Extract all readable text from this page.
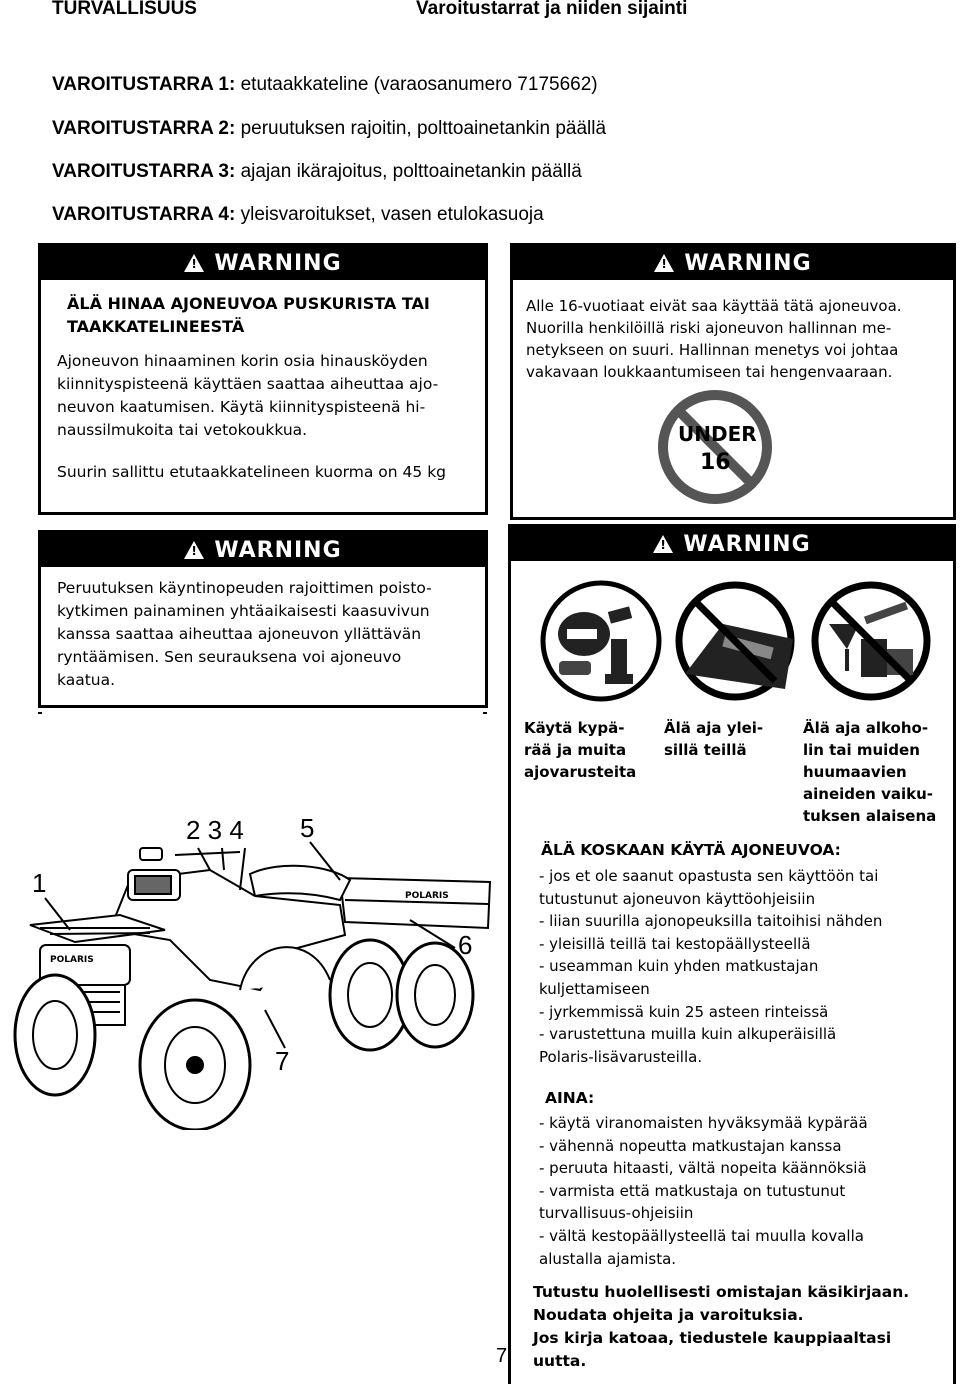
TURVALLISUUS	Varoitustarrat ja niiden sijainti
VAROITUSTARRA 1: etutaakkateline (varaosanumero 7175662)
VAROITUSTARRA 2: peruutuksen rajoitin, polttoainetankin päällä
VAROITUSTARRA 3: ajajan ikärajoitus, polttoainetankin päällä
VAROITUSTARRA 4: yleisvaroitukset, vasen etulokasuoja
!
WARNING
ÄLÄ HINAA AJONEUVOA PUSKURISTA TAI
TAAKKATELINEESTÄ
Ajoneuvon hinaaminen korin osia hinausköyden
kiinnityspisteenä käyttäen saattaa aiheuttaa ajo-
neuvon kaatumisen. Käytä kiinnityspisteenä hi-
naussilmukoita tai vetokoukkua.
Suurin sallittu etutaakkatelineen kuorma on 45 kg
!
WARNING
Alle 16-vuotiaat eivät saa käyttää tätä ajoneuvoa.
Nuorilla henkilöillä riski ajoneuvon hallinnan me-
netykseen on suuri. Hallinnan menetys voi johtaa
vakavaan loukkaantumiseen tai hengenvaaraan.
UNDER
16
!
WARNING
Peruutuksen käyntinopeuden rajoittimen poisto-
kytkimen painaminen yhtäaikaisesti kaasuvivun
kanssa saattaa aiheuttaa ajoneuvon yllättävän
ryntäämisen. Sen seurauksena voi ajoneuvo
kaatua.
!
WARNING
Käytä kypä-
rää ja muita
ajovarusteita
Älä aja ylei-
sillä teillä
Älä aja alkoho-
lin tai muiden
huumaavien
aineiden vaiku-
tuksen alaisena
ÄLÄ KOSKAAN KÄYTÄ AJONEUVOA:
- jos et ole saanut opastusta sen käyttöön tai
tutustunut ajoneuvon käyttöohjeisiin
- liian suurilla ajonopeuksilla taitoihisi nähden
- yleisillä teillä tai kestopäällysteellä
- useamman kuin yhden matkustajan
kuljettamiseen
- jyrkemmissä kuin 25 asteen rinteissä
- varustettuna muilla kuin alkuperäisillä
Polaris-lisävarusteilla.
AINA:
- käytä viranomaisten hyväksymää kypärää
- vähennä nopeutta matkustajan kanssa
- peruuta hitaasti, vältä nopeita käännöksiä
- varmista että matkustaja on tutustunut
turvallisuus-ohjeisiin
- vältä kestopäällysteellä tai muulla kovalla
alustalla ajamista.
Tutustu huolellisesti omistajan käsikirjaan.
Noudata ohjeita ja varoituksia.
Jos kirja katoaa, tiedustele kauppiaaltasi
uutta.
POLARIS
POLARIS
1
2 3 4 5
6
7
7
